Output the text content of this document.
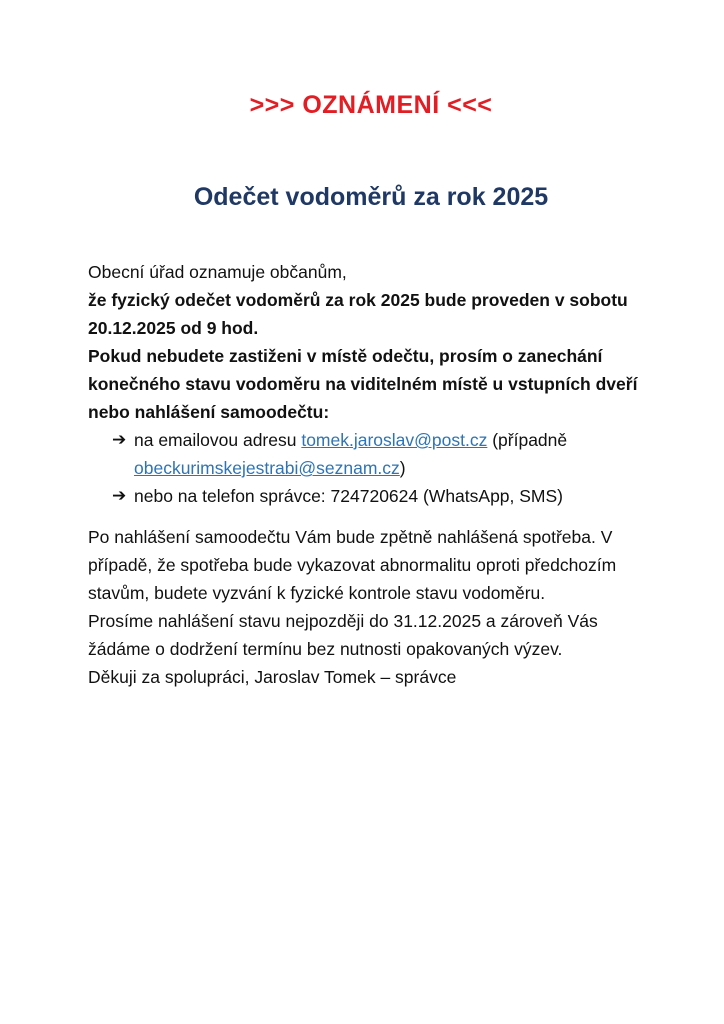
>>> OZNÁMENÍ <<<
Odečet vodoměrů za rok 2025

Obecní úřad oznamuje občanům,

že fyzický odečet vodoměrů za rok 2025 bude proveden v sobotu 20.12.2025 od 9 hod.

Pokud nebudete zastiženi v místě odečtu, prosím o zanechání konečného stavu vodoměru na viditelném místě u vstupních dveří nebo nahlášení samoodečtu:

➔ na emailovou adresu tomek.jaroslav@post.cz (případně obeckurimskejestrabi@seznam.cz)
➔ nebo na telefon správce: 724720624 (WhatsApp, SMS)

Po nahlášení samoodečtu Vám bude zpětně nahlášená spotřeba. V případě, že spotřeba bude vykazovat abnormalitu oproti předchozím stavům, budete vyzvání k fyzické kontrole stavu vodoměru.

Prosíme nahlášení stavu nejpozději do 31.12.2025 a zároveň Vás žádáme o dodržení termínu bez nutnosti opakovaných výzev.

Děkuji za spolupráci, Jaroslav Tomek – správce
